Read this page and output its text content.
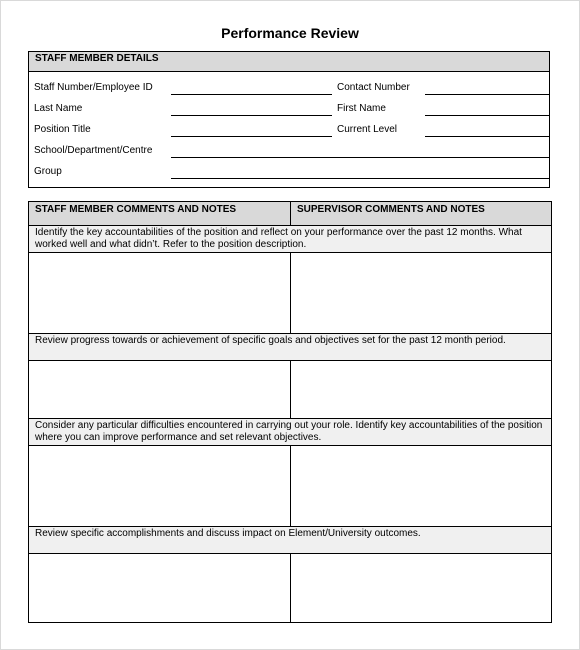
Performance Review
STAFF MEMBER DETAILS
Staff Number/Employee ID
Last Name
Position Title
School/Department/Centre
Group
Contact Number
First Name
Current Level
STAFF MEMBER COMMENTS AND NOTES	SUPERVISOR COMMENTS AND NOTES
Identify the key accountabilities of the position and reflect on your performance over the past 12 months. What worked well and what didn’t. Refer to the position description.
Review progress towards or achievement of specific goals and objectives set for the past 12 month period.
Consider any particular difficulties encountered in carrying out your role. Identify key accountabilities of the position where you can improve performance and set relevant objectives.
Review specific accomplishments and discuss impact on Element/University outcomes.
